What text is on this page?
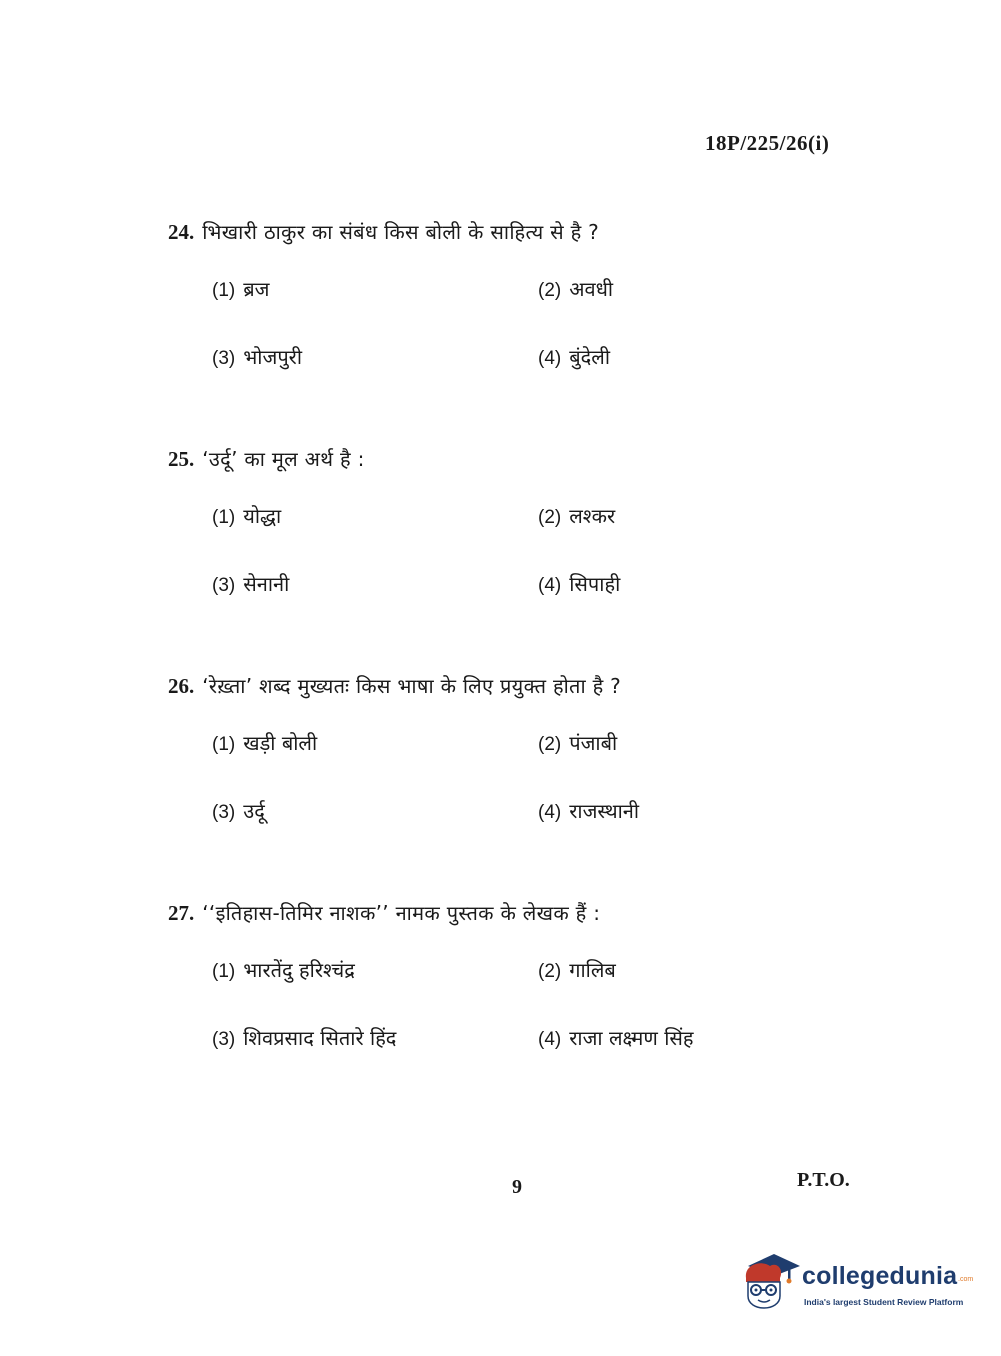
18P/225/26(i)
24. भिखारी ठाकुर का संबंध किस बोली के साहित्य से है ?
(1) ब्रज	(2) अवधी
(3) भोजपुरी	(4) बुंदेली
25. ‘उर्दू’ का मूल अर्थ है :
(1) योद्धा	(2) लश्कर
(3) सेनानी	(4) सिपाही
26. ‘रेख़्ता’ शब्द मुख्यतः किस भाषा के लिए प्रयुक्त होता है ?
(1) खड़ी बोली	(2) पंजाबी
(3) उर्दू	(4) राजस्थानी
27. ‘‘इतिहास-तिमिर नाशक’’ नामक पुस्तक के लेखक हैं :
(1) भारतेंदु हरिश्चंद्र	(2) गालिब
(3) शिवप्रसाद सितारे हिंद	(4) राजा लक्ष्मण सिंह
9	P.T.O.
collegedunia .com
India's largest Student Review Platform
